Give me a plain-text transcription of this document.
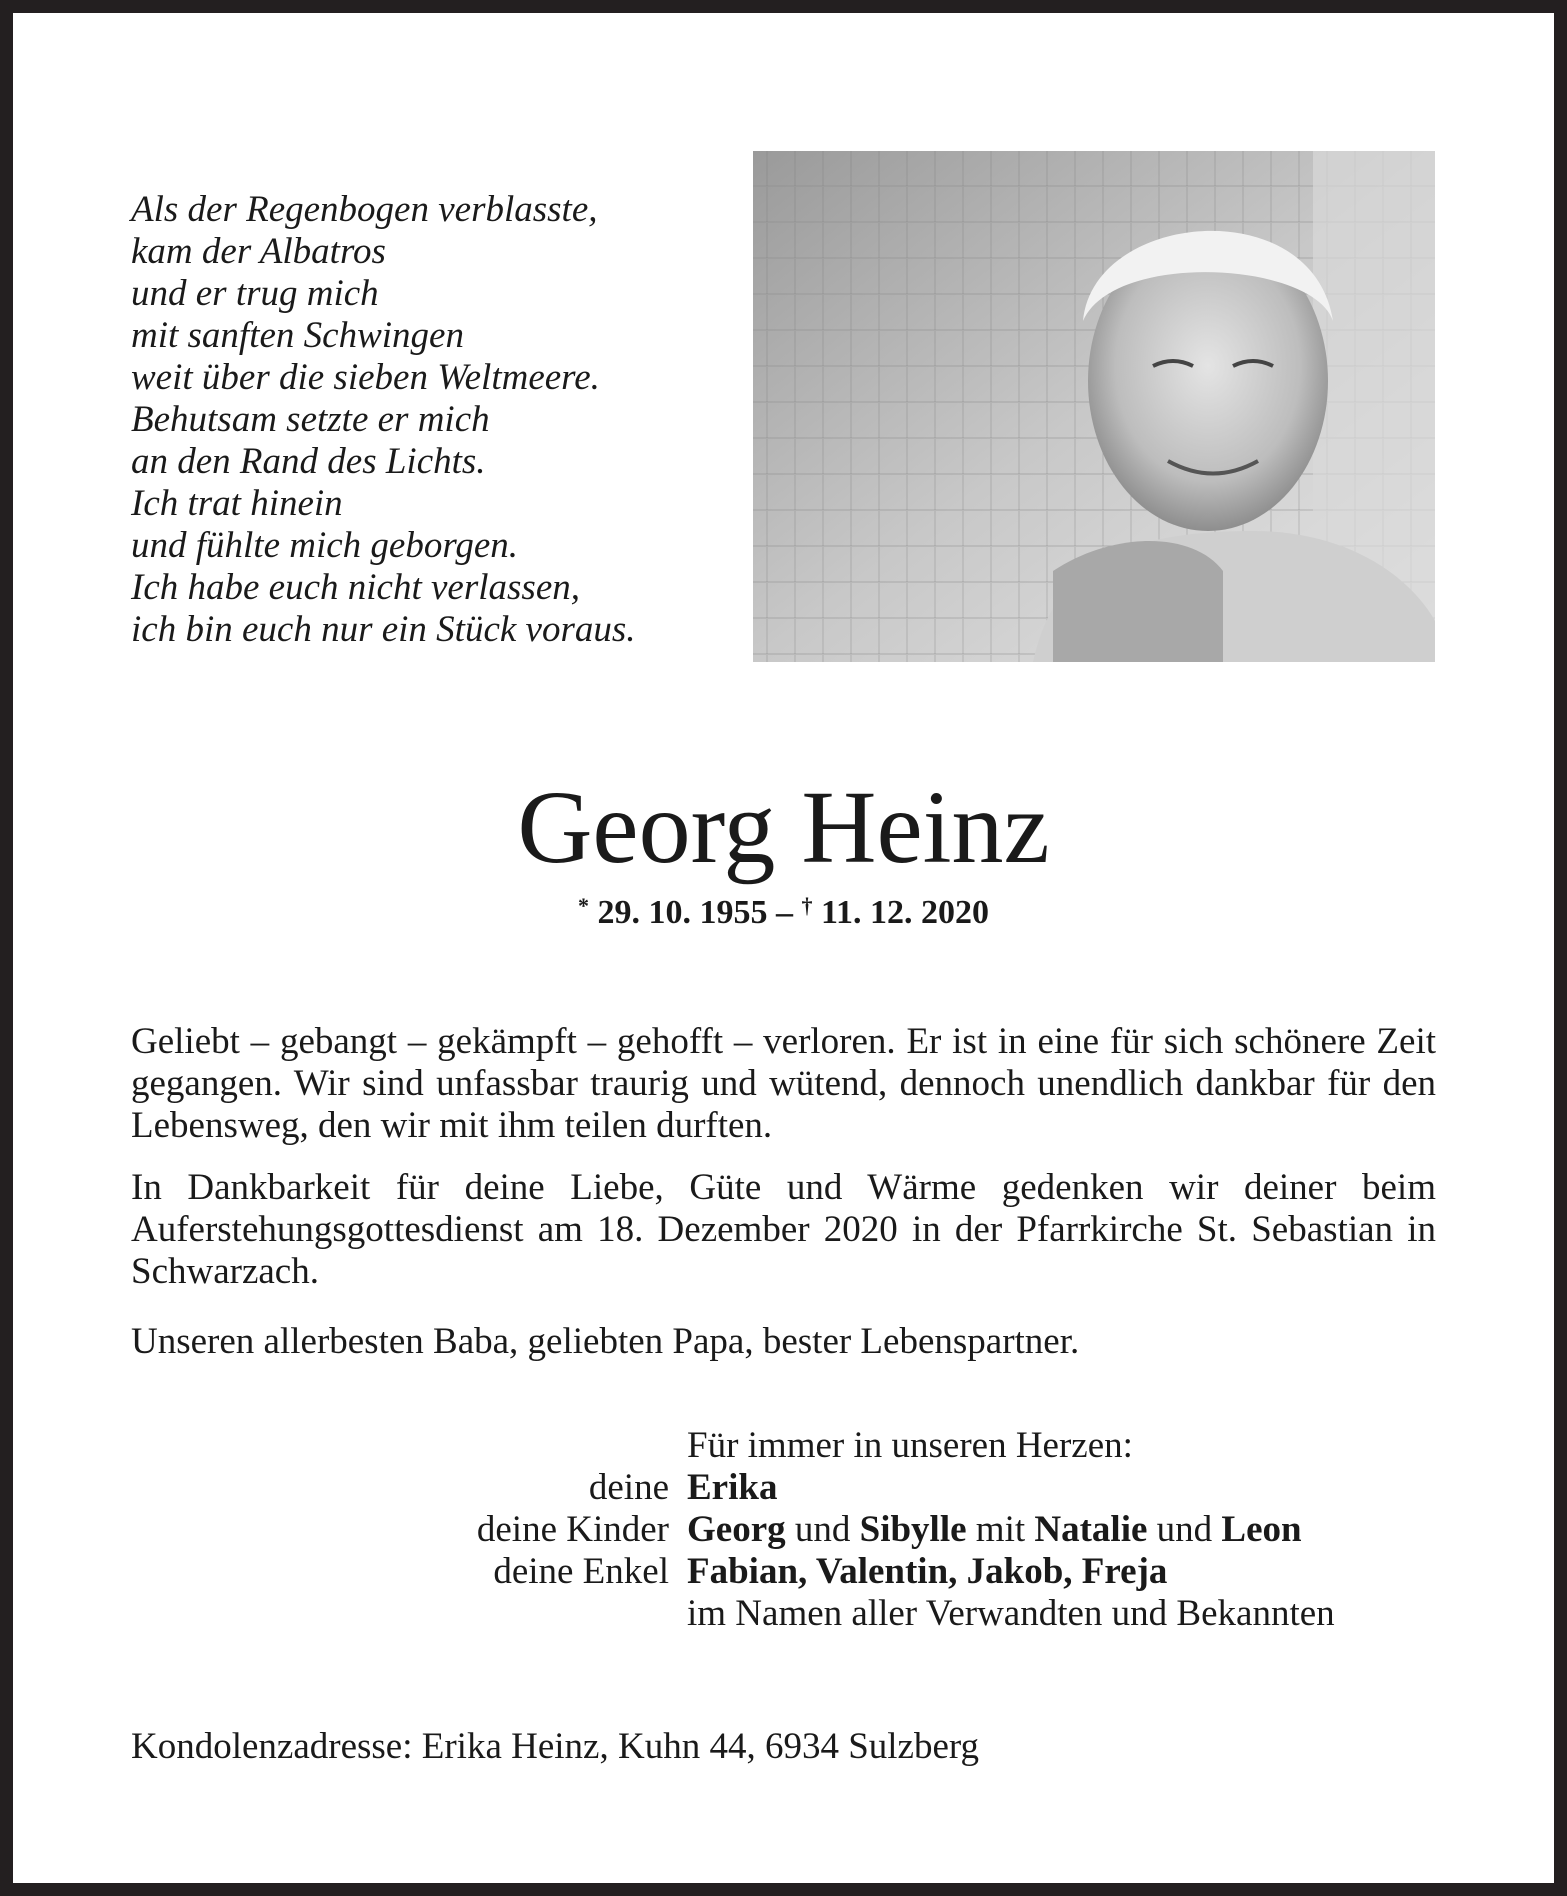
Als der Regenbogen verblasste,
kam der Albatros
und er trug mich
mit sanften Schwingen
weit über die sieben Weltmeere.
Behutsam setzte er mich
an den Rand des Lichts.
Ich trat hinein
und fühlte mich geborgen.
Ich habe euch nicht verlassen,
ich bin euch nur ein Stück voraus.
Georg Heinz
* 29. 10. 1955 – † 11. 12. 2020
Geliebt – gebangt – gekämpft – gehofft – verloren. Er ist in eine für sich schönere Zeit gegangen. Wir sind unfassbar traurig und wütend, dennoch unendlich dankbar für den Lebensweg, den wir mit ihm teilen durften.
In Dankbarkeit für deine Liebe, Güte und Wärme gedenken wir deiner beim Auferstehungsgottesdienst am 18. Dezember 2020 in der Pfarrkirche St. Sebastian in Schwarzach.
Unseren allerbesten Baba, geliebten Papa, bester Lebenspartner.
Für immer in unseren Herzen:
deine Erika
deine Kinder Georg und Sibylle mit Natalie und Leon
deine Enkel Fabian, Valentin, Jakob, Freja
im Namen aller Verwandten und Bekannten
Kondolenzadresse: Erika Heinz, Kuhn 44, 6934 Sulzberg
